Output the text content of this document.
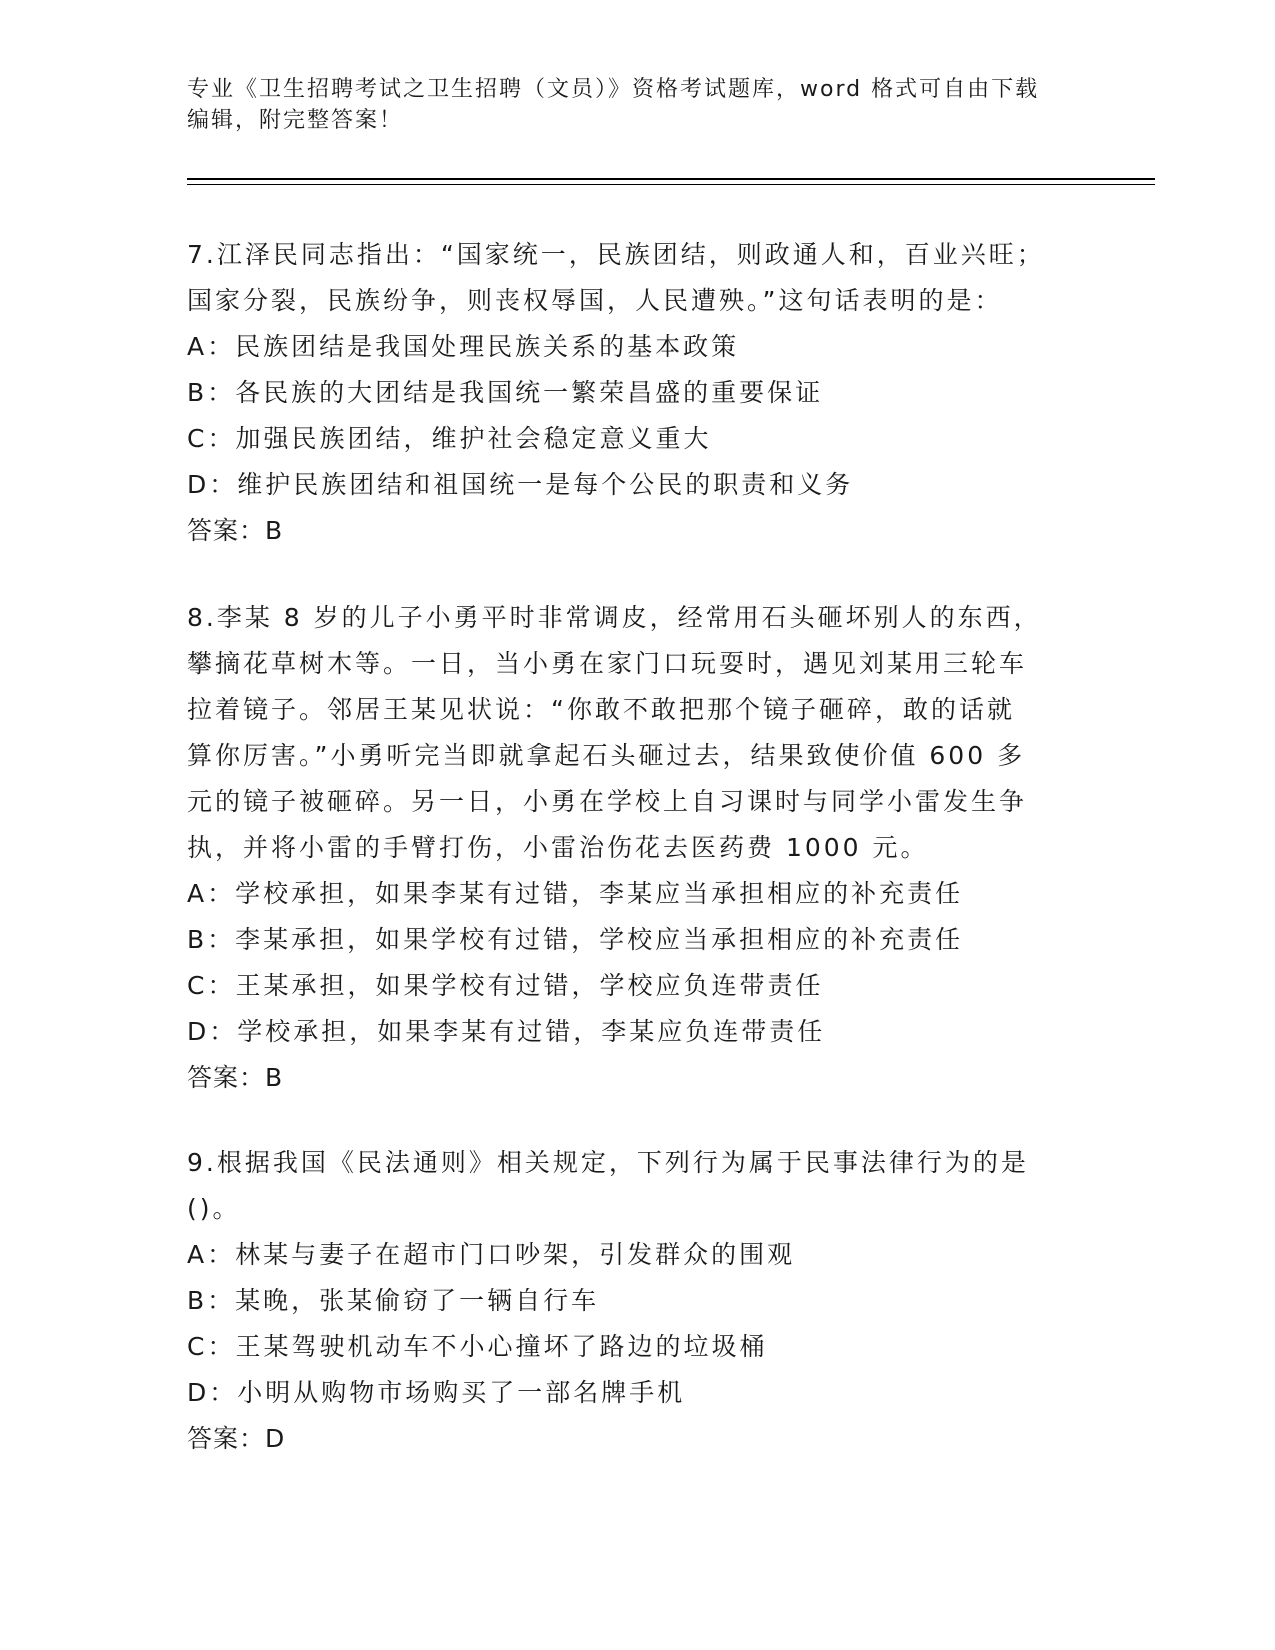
专业《卫生招聘考试之卫生招聘（文员）》资格考试题库，word 格式可自由下载
编辑，附完整答案！
7.江泽民同志指出：“国家统一，民族团结，则政通人和，百业兴旺；
国家分裂，民族纷争，则丧权辱国，人民遭殃。”这句话表明的是：
A：民族团结是我国处理民族关系的基本政策
B：各民族的大团结是我国统一繁荣昌盛的重要保证
C：加强民族团结，维护社会稳定意义重大
D：维护民族团结和祖国统一是每个公民的职责和义务
答案：B
8.李某 8 岁的儿子小勇平时非常调皮，经常用石头砸坏别人的东西，
攀摘花草树木等。一日，当小勇在家门口玩耍时，遇见刘某用三轮车
拉着镜子。邻居王某见状说：“你敢不敢把那个镜子砸碎，敢的话就
算你厉害。”小勇听完当即就拿起石头砸过去，结果致使价值 600 多
元的镜子被砸碎。另一日，小勇在学校上自习课时与同学小雷发生争
执，并将小雷的手臂打伤，小雷治伤花去医药费 1000 元。
A：学校承担，如果李某有过错，李某应当承担相应的补充责任
B：李某承担，如果学校有过错，学校应当承担相应的补充责任
C：王某承担，如果学校有过错，学校应负连带责任
D：学校承担，如果李某有过错，李某应负连带责任
答案：B
9.根据我国《民法通则》相关规定，下列行为属于民事法律行为的是
()。
A：林某与妻子在超市门口吵架，引发群众的围观
B：某晚，张某偷窃了一辆自行车
C：王某驾驶机动车不小心撞坏了路边的垃圾桶
D：小明从购物市场购买了一部名牌手机
答案：D
